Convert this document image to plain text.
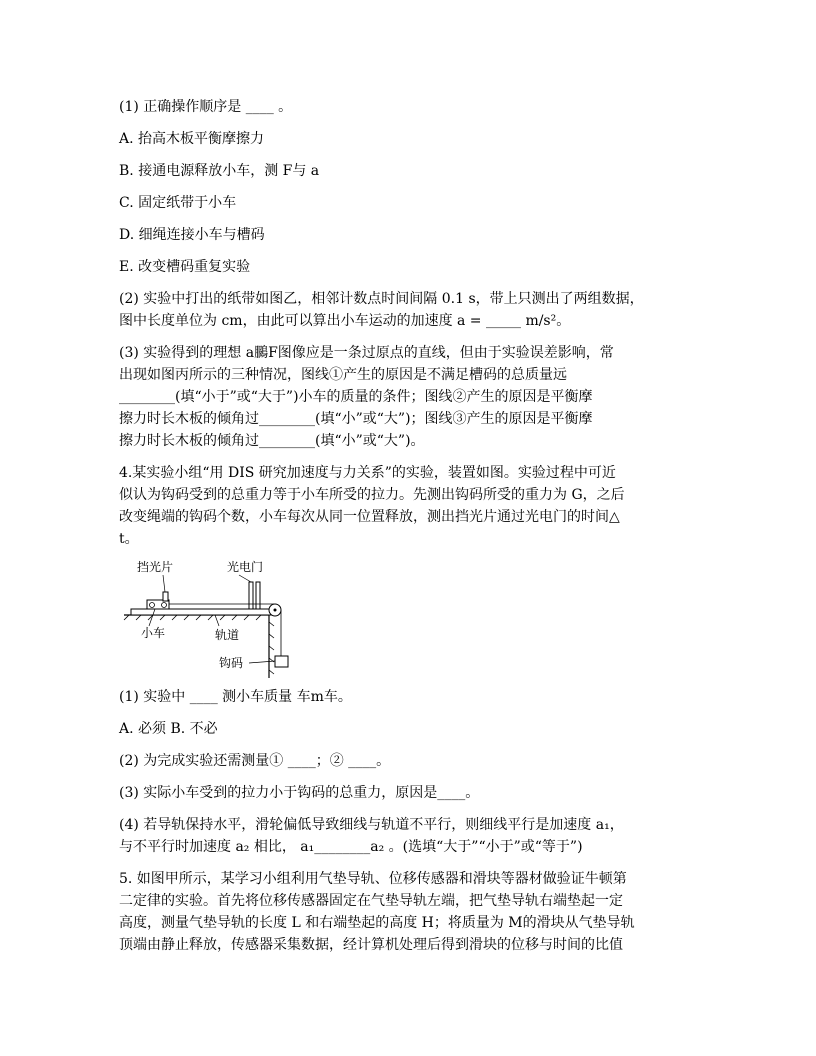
(1) 正确操作顺序是 ____ 。

A. 抬高木板平衡摩擦力

B. 接通电源释放小车，测 F与 a

C. 固定纸带于小车

D. 细绳连接小车与槽码

E. 改变槽码重复实验

(2) 实验中打出的纸带如图乙，相邻计数点时间间隔 0.1 s，带上只测出了两组数据，
图中长度单位为 cm，由此可以算出小车运动的加速度 a = _____ m/s²。
(3) 实验得到的理想 a鵩F图像应是一条过原点的直线，但由于实验误差影响，常
出现如图丙所示的三种情况，图线①产生的原因是不满足槽码的总质量远
________(填“小于”或“大于”)小车的质量的条件；图线②产生的原因是平衡摩
擦力时长木板的倾角过________(填“小”或“大”)；图线③产生的原因是平衡摩
擦力时长木板的倾角过________(填“小”或“大”)。
4.某实验小组“用 DIS 研究加速度与力关系”的实验，装置如图。实验过程中可近
似认为钩码受到的总重力等于小车所受的拉力。先测出钩码所受的重力为 G，之后
改变绳端的钩码个数，小车每次从同一位置释放，测出挡光片通过光电门的时间△
t。
挡光片	光电门
小车	轨道
钩码

(1) 实验中 ____ 测小车质量 车m车。

A. 必须 B. 不必

(2) 为完成实验还需测量① ____；② ____。

(3) 实际小车受到的拉力小于钩码的总重力，原因是____。

(4) 若导轨保持水平，滑轮偏低导致细线与轨道不平行，则细线平行是加速度 a₁，
与不平行时加速度 a₂ 相比， a₁________a₂ 。(选填“大于”“小于”或“等于”)
5. 如图甲所示，某学习小组利用气垫导轨、位移传感器和滑块等器材做验证牛顿第
二定律的实验。首先将位移传感器固定在气垫导轨左端，把气垫导轨右端垫起一定
高度，测量气垫导轨的长度 L 和右端垫起的高度 H；将质量为 M的滑块从气垫导轨
顶端由静止释放，传感器采集数据，经计算机处理后得到滑块的位移与时间的比值
